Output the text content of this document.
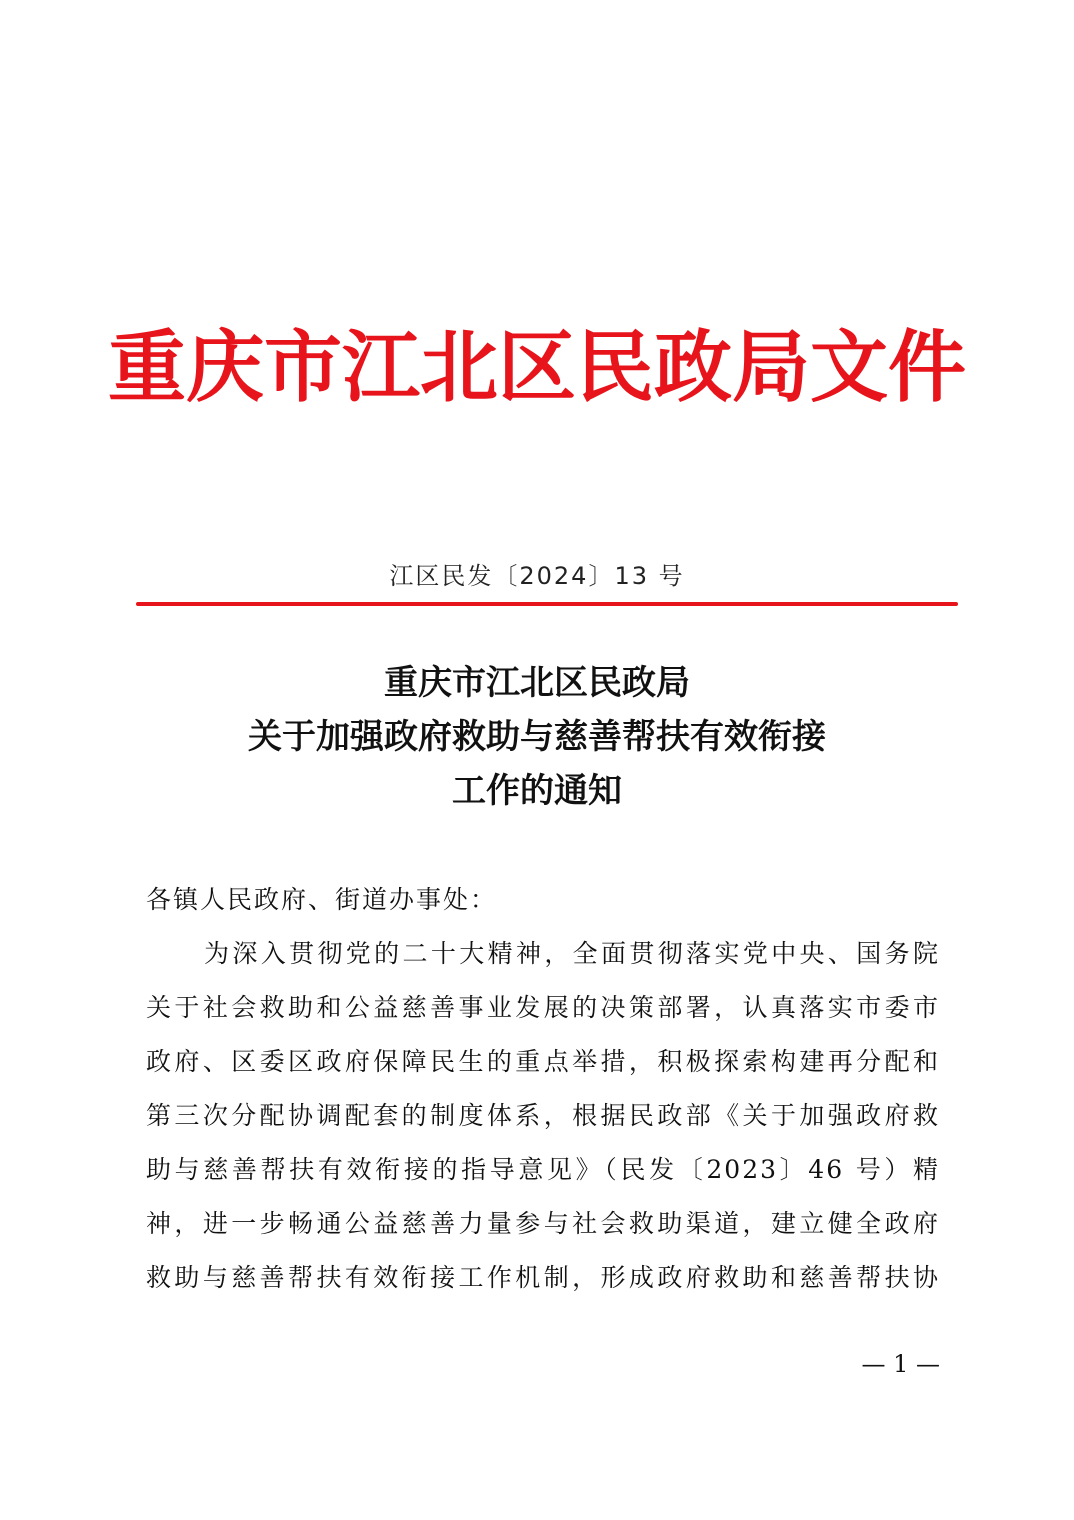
重庆市江北区民政局文件
江区民发〔2024〕13 号
重庆市江北区民政局
关于加强政府救助与慈善帮扶有效衔接
工作的通知
各镇人民政府、街道办事处：
为深入贯彻党的二十大精神，全面贯彻落实党中央、国务院
关于社会救助和公益慈善事业发展的决策部署，认真落实市委市
政府、区委区政府保障民生的重点举措，积极探索构建再分配和
第三次分配协调配套的制度体系，根据民政部《关于加强政府救
助与慈善帮扶有效衔接的指导意见》（民发〔2023〕46 号）精
神，进一步畅通公益慈善力量参与社会救助渠道，建立健全政府
救助与慈善帮扶有效衔接工作机制，形成政府救助和慈善帮扶协
— 1 —
